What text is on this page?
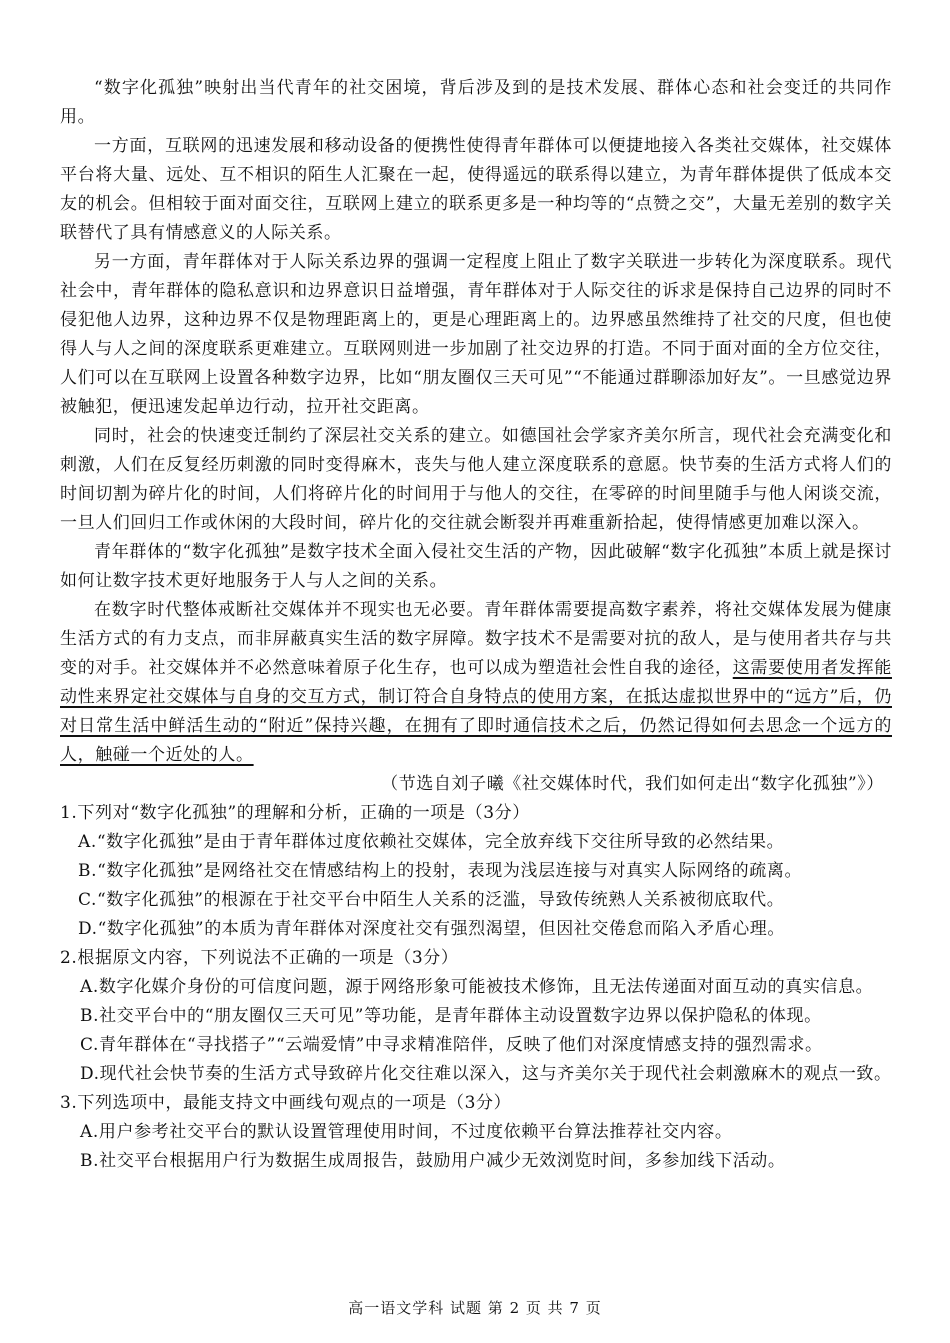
“数字化孤独”映射出当代青年的社交困境，背后涉及到的是技术发展、群体心态和社会变迁的共同作用。

一方面，互联网的迅速发展和移动设备的便携性使得青年群体可以便捷地接入各类社交媒体，社交媒体平台将大量、远处、互不相识的陌生人汇聚在一起，使得遥远的联系得以建立，为青年群体提供了低成本交友的机会。但相较于面对面交往，互联网上建立的联系更多是一种均等的“点赞之交”，大量无差别的数字关联替代了具有情感意义的人际关系。

另一方面，青年群体对于人际关系边界的强调一定程度上阻止了数字关联进一步转化为深度联系。现代社会中，青年群体的隐私意识和边界意识日益增强，青年群体对于人际交往的诉求是保持自己边界的同时不侵犯他人边界，这种边界不仅是物理距离上的，更是心理距离上的。边界感虽然维持了社交的尺度，但也使得人与人之间的深度联系更难建立。互联网则进一步加剧了社交边界的打造。不同于面对面的全方位交往，人们可以在互联网上设置各种数字边界，比如“朋友圈仅三天可见”“不能通过群聊添加好友”。一旦感觉边界被触犯，便迅速发起单边行动，拉开社交距离。

同时，社会的快速变迁制约了深层社交关系的建立。如德国社会学家齐美尔所言，现代社会充满变化和刺激，人们在反复经历刺激的同时变得麻木，丧失与他人建立深度联系的意愿。快节奏的生活方式将人们的时间切割为碎片化的时间，人们将碎片化的时间用于与他人的交往，在零碎的时间里随手与他人闲谈交流，一旦人们回归工作或休闲的大段时间，碎片化的交往就会断裂并再难重新拾起，使得情感更加难以深入。

青年群体的“数字化孤独”是数字技术全面入侵社交生活的产物，因此破解“数字化孤独”本质上就是探讨如何让数字技术更好地服务于人与人之间的关系。

在数字时代整体戒断社交媒体并不现实也无必要。青年群体需要提高数字素养，将社交媒体发展为健康生活方式的有力支点，而非屏蔽真实生活的数字屏障。数字技术不是需要对抗的敌人，是与使用者共存与共变的对手。社交媒体并不必然意味着原子化生存，也可以成为塑造社会性自我的途径，这需要使用者发挥能动性来界定社交媒体与自身的交互方式，制订符合自身特点的使用方案，在抵达虚拟世界中的“远方”后，仍对日常生活中鲜活生动的“附近”保持兴趣，在拥有了即时通信技术之后，仍然记得如何去思念一个远方的人，触碰一个近处的人。

（节选自刘子曦《社交媒体时代，我们如何走出“数字化孤独”》）

1.下列对“数字化孤独”的理解和分析，正确的一项是（3分）

A.“数字化孤独”是由于青年群体过度依赖社交媒体，完全放弃线下交往所导致的必然结果。

B.“数字化孤独”是网络社交在情感结构上的投射，表现为浅层连接与对真实人际网络的疏离。

C.“数字化孤独”的根源在于社交平台中陌生人关系的泛滥，导致传统熟人关系被彻底取代。

D.“数字化孤独”的本质为青年群体对深度社交有强烈渴望，但因社交倦怠而陷入矛盾心理。

2.根据原文内容，下列说法不正确的一项是（3分）

A.数字化媒介身份的可信度问题，源于网络形象可能被技术修饰，且无法传递面对面互动的真实信息。

B.社交平台中的“朋友圈仅三天可见”等功能，是青年群体主动设置数字边界以保护隐私的体现。

C.青年群体在“寻找搭子”“云端爱情”中寻求精准陪伴，反映了他们对深度情感支持的强烈需求。

D.现代社会快节奏的生活方式导致碎片化交往难以深入，这与齐美尔关于现代社会刺激麻木的观点一致。

3.下列选项中，最能支持文中画线句观点的一项是（3分）

A.用户参考社交平台的默认设置管理使用时间，不过度依赖平台算法推荐社交内容。

B.社交平台根据用户行为数据生成周报告，鼓励用户减少无效浏览时间，多参加线下活动。

高一语文学科 试题 第 2 页 共 7 页
